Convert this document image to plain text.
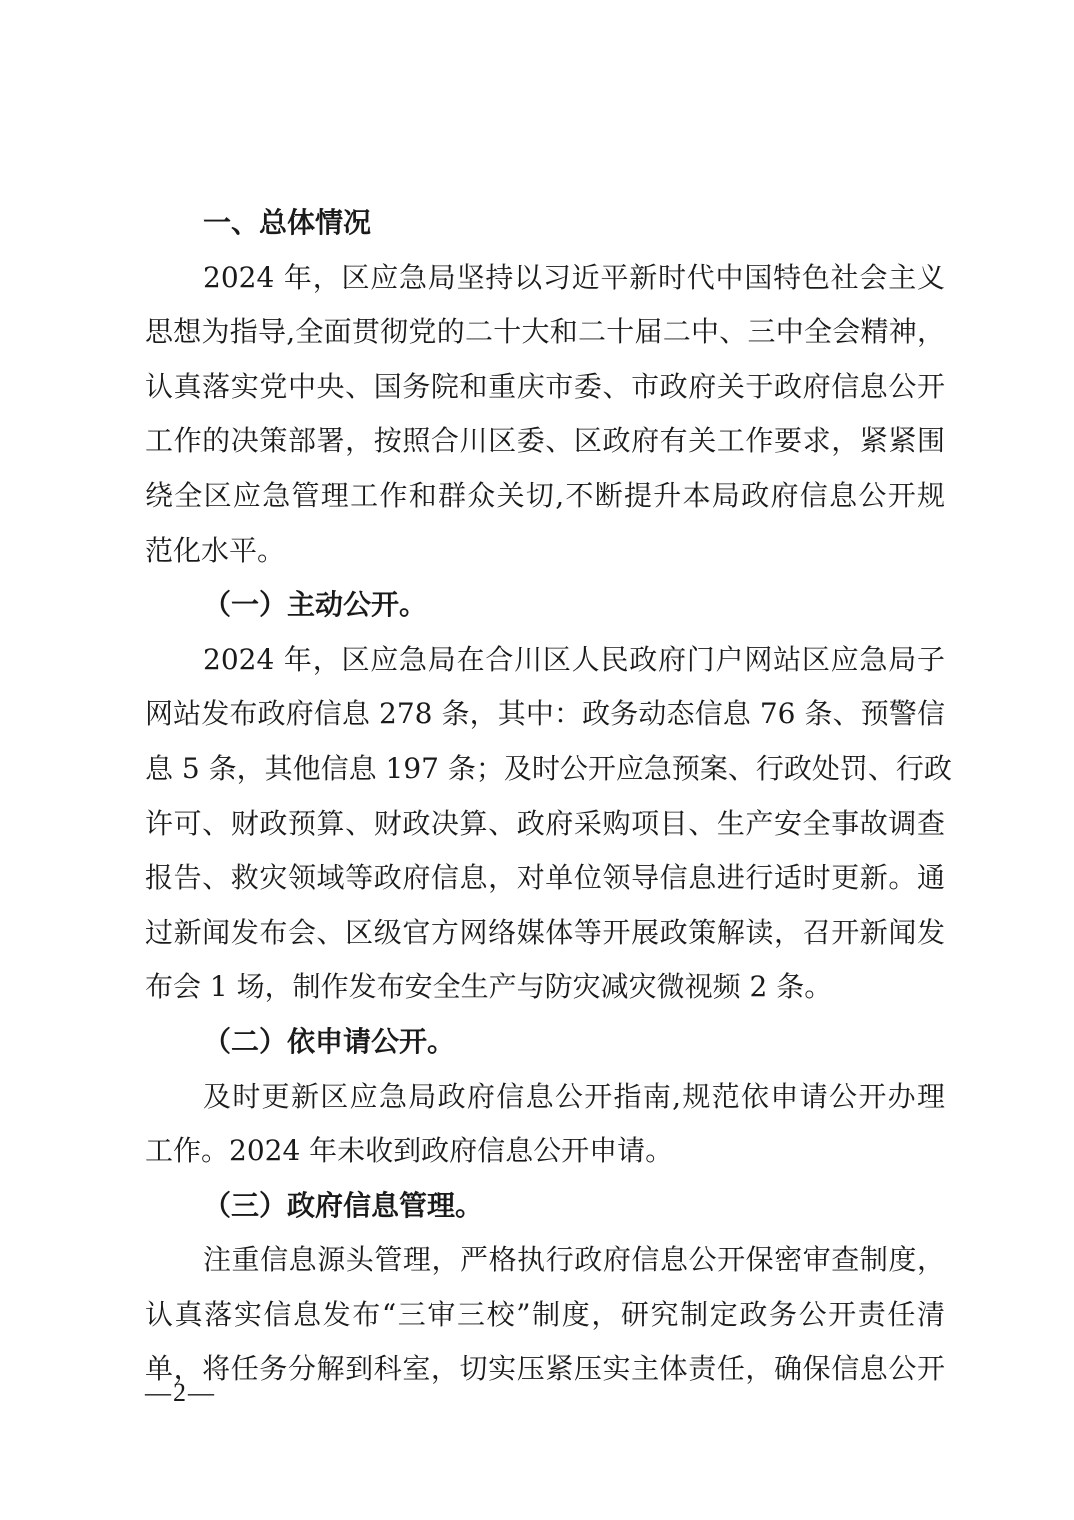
一、总体情况
2024 年，区应急局坚持以习近平新时代中国特色社会主义
思想为指导,全面贯彻党的二十大和二十届二中、三中全会精神，
认真落实党中央、国务院和重庆市委、市政府关于政府信息公开
工作的决策部署，按照合川区委、区政府有关工作要求，紧紧围
绕全区应急管理工作和群众关切,不断提升本局政府信息公开规
范化水平。
（一）主动公开。
2024 年，区应急局在合川区人民政府门户网站区应急局子
网站发布政府信息 278 条，其中：政务动态信息 76 条、预警信
息 5 条，其他信息 197 条；及时公开应急预案、行政处罚、行政
许可、财政预算、财政决算、政府采购项目、生产安全事故调查
报告、救灾领域等政府信息，对单位领导信息进行适时更新。通
过新闻发布会、区级官方网络媒体等开展政策解读，召开新闻发
布会 1 场，制作发布安全生产与防灾减灾微视频 2 条。
（二）依申请公开。
及时更新区应急局政府信息公开指南,规范依申请公开办理
工作。2024 年未收到政府信息公开申请。
（三）政府信息管理。
注重信息源头管理，严格执行政府信息公开保密审查制度，
认真落实信息发布“三审三校”制度，研究制定政务公开责任清
单，将任务分解到科室，切实压紧压实主体责任，确保信息公开
—2—
